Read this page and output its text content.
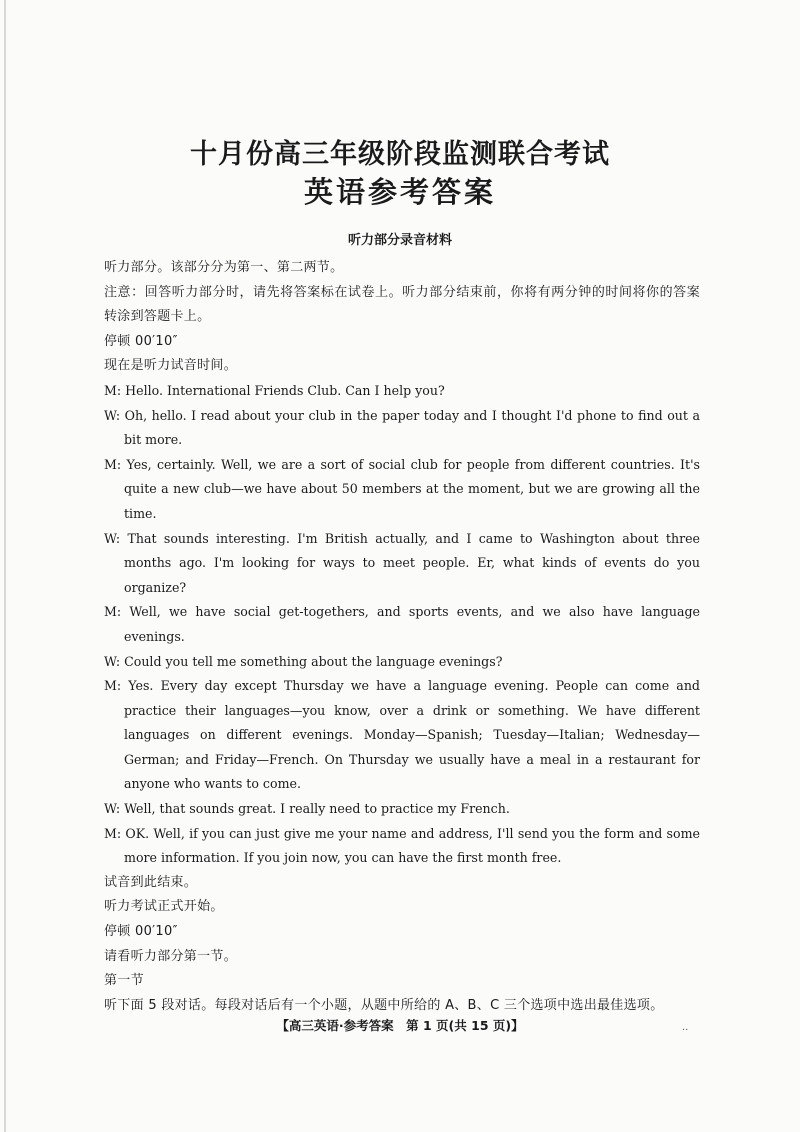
十月份高三年级阶段监测联合考试
英语参考答案
听力部分录音材料

听力部分。该部分分为第一、第二两节。

注意：回答听力部分时，请先将答案标在试卷上。听力部分结束前，你将有两分钟的时间将你的答案转涂到答题卡上。

停顿 00′10″

现在是听力试音时间。

M: Hello. International Friends Club. Can I help you?

W: Oh, hello. I read about your club in the paper today and I thought I'd phone to find out a bit more.

M: Yes, certainly. Well, we are a sort of social club for people from different countries. It's quite a new club—we have about 50 members at the moment, but we are growing all the time.

W: That sounds interesting. I'm British actually, and I came to Washington about three months ago. I'm looking for ways to meet people. Er, what kinds of events do you organize?

M: Well, we have social get-togethers, and sports events, and we also have language evenings.

W: Could you tell me something about the language evenings?

M: Yes. Every day except Thursday we have a language evening. People can come and practice their languages—you know, over a drink or something. We have different languages on different evenings. Monday—Spanish; Tuesday—Italian; Wednesday—German; and Friday—French. On Thursday we usually have a meal in a restaurant for anyone who wants to come.

W: Well, that sounds great. I really need to practice my French.

M: OK. Well, if you can just give me your name and address, I'll send you the form and some more information. If you join now, you can have the first month free.

试音到此结束。

听力考试正式开始。

停顿 00′10″

请看听力部分第一节。

第一节

听下面 5 段对话。每段对话后有一个小题，从题中所给的 A、B、C 三个选项中选出最佳选项。

【高三英语·参考答案　第 1 页(共 15 页)】	..
